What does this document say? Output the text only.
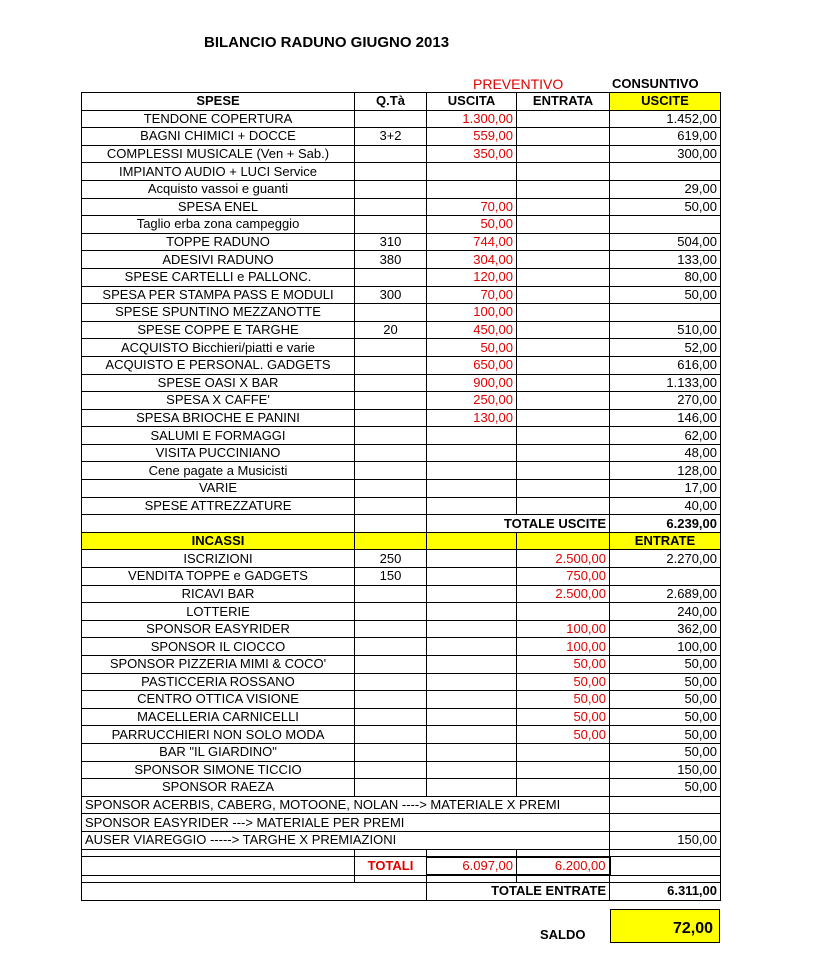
BILANCIO RADUNO GIUGNO 2013
PREVENTIVO	CONSUNTIVO
SPESE	Q.Tà	USCITA	ENTRATA	USCITE
TENDONE COPERTURA		1.300,00		1.452,00
BAGNI CHIMICI + DOCCE	3+2	559,00		619,00
COMPLESSI MUSICALE (Ven + Sab.)		350,00		300,00
IMPIANTO AUDIO + LUCI Service				
Acquisto vassoi e guanti				29,00
SPESA ENEL		70,00		50,00
Taglio erba zona campeggio		50,00		
TOPPE RADUNO	310	744,00		504,00
ADESIVI RADUNO	380	304,00		133,00
SPESE CARTELLI e PALLONC.		120,00		80,00
SPESA PER STAMPA PASS E MODULI	300	70,00		50,00
SPESE SPUNTINO MEZZANOTTE		100,00		
SPESE COPPE E TARGHE	20	450,00		510,00
ACQUISTO Bicchieri/piatti e varie		50,00		52,00
ACQUISTO E PERSONAL. GADGETS		650,00		616,00
SPESE OASI X BAR		900,00		1.133,00
SPESA X CAFFE'		250,00		270,00
SPESA BRIOCHE E PANINI		130,00		146,00
SALUMI E FORMAGGI				62,00
VISITA PUCCINIANO				48,00
Cene pagate a Musicisti				128,00
VARIE				17,00
SPESE ATTREZZATURE				40,00
		TOTALE USCITE		6.239,00
INCASSI				ENTRATE
ISCRIZIONI	250		2.500,00	2.270,00
VENDITA TOPPE e GADGETS	150		750,00	
RICAVI BAR			2.500,00	2.689,00
LOTTERIE				240,00
SPONSOR EASYRIDER			100,00	362,00
SPONSOR IL CIOCCO			100,00	100,00
SPONSOR PIZZERIA MIMI & COCO'			50,00	50,00
PASTICCERIA ROSSANO			50,00	50,00
CENTRO OTTICA VISIONE			50,00	50,00
MACELLERIA CARNICELLI			50,00	50,00
PARRUCCHIERI NON SOLO MODA			50,00	50,00
BAR "IL GIARDINO"				50,00
SPONSOR SIMONE TICCIO				150,00
SPONSOR RAEZA				50,00
SPONSOR ACERBIS, CABERG, MOTOONE, NOLAN ----> MATERIALE X PREMI				
SPONSOR EASYRIDER ---> MATERIALE PER PREMI				
AUSER VIAREGGIO -----> TARGHE X PREMIAZIONI				150,00

	TOTALI	6.097,00	6.200,00	

		TOTALE ENTRATE		6.311,00
SALDO	72,00
